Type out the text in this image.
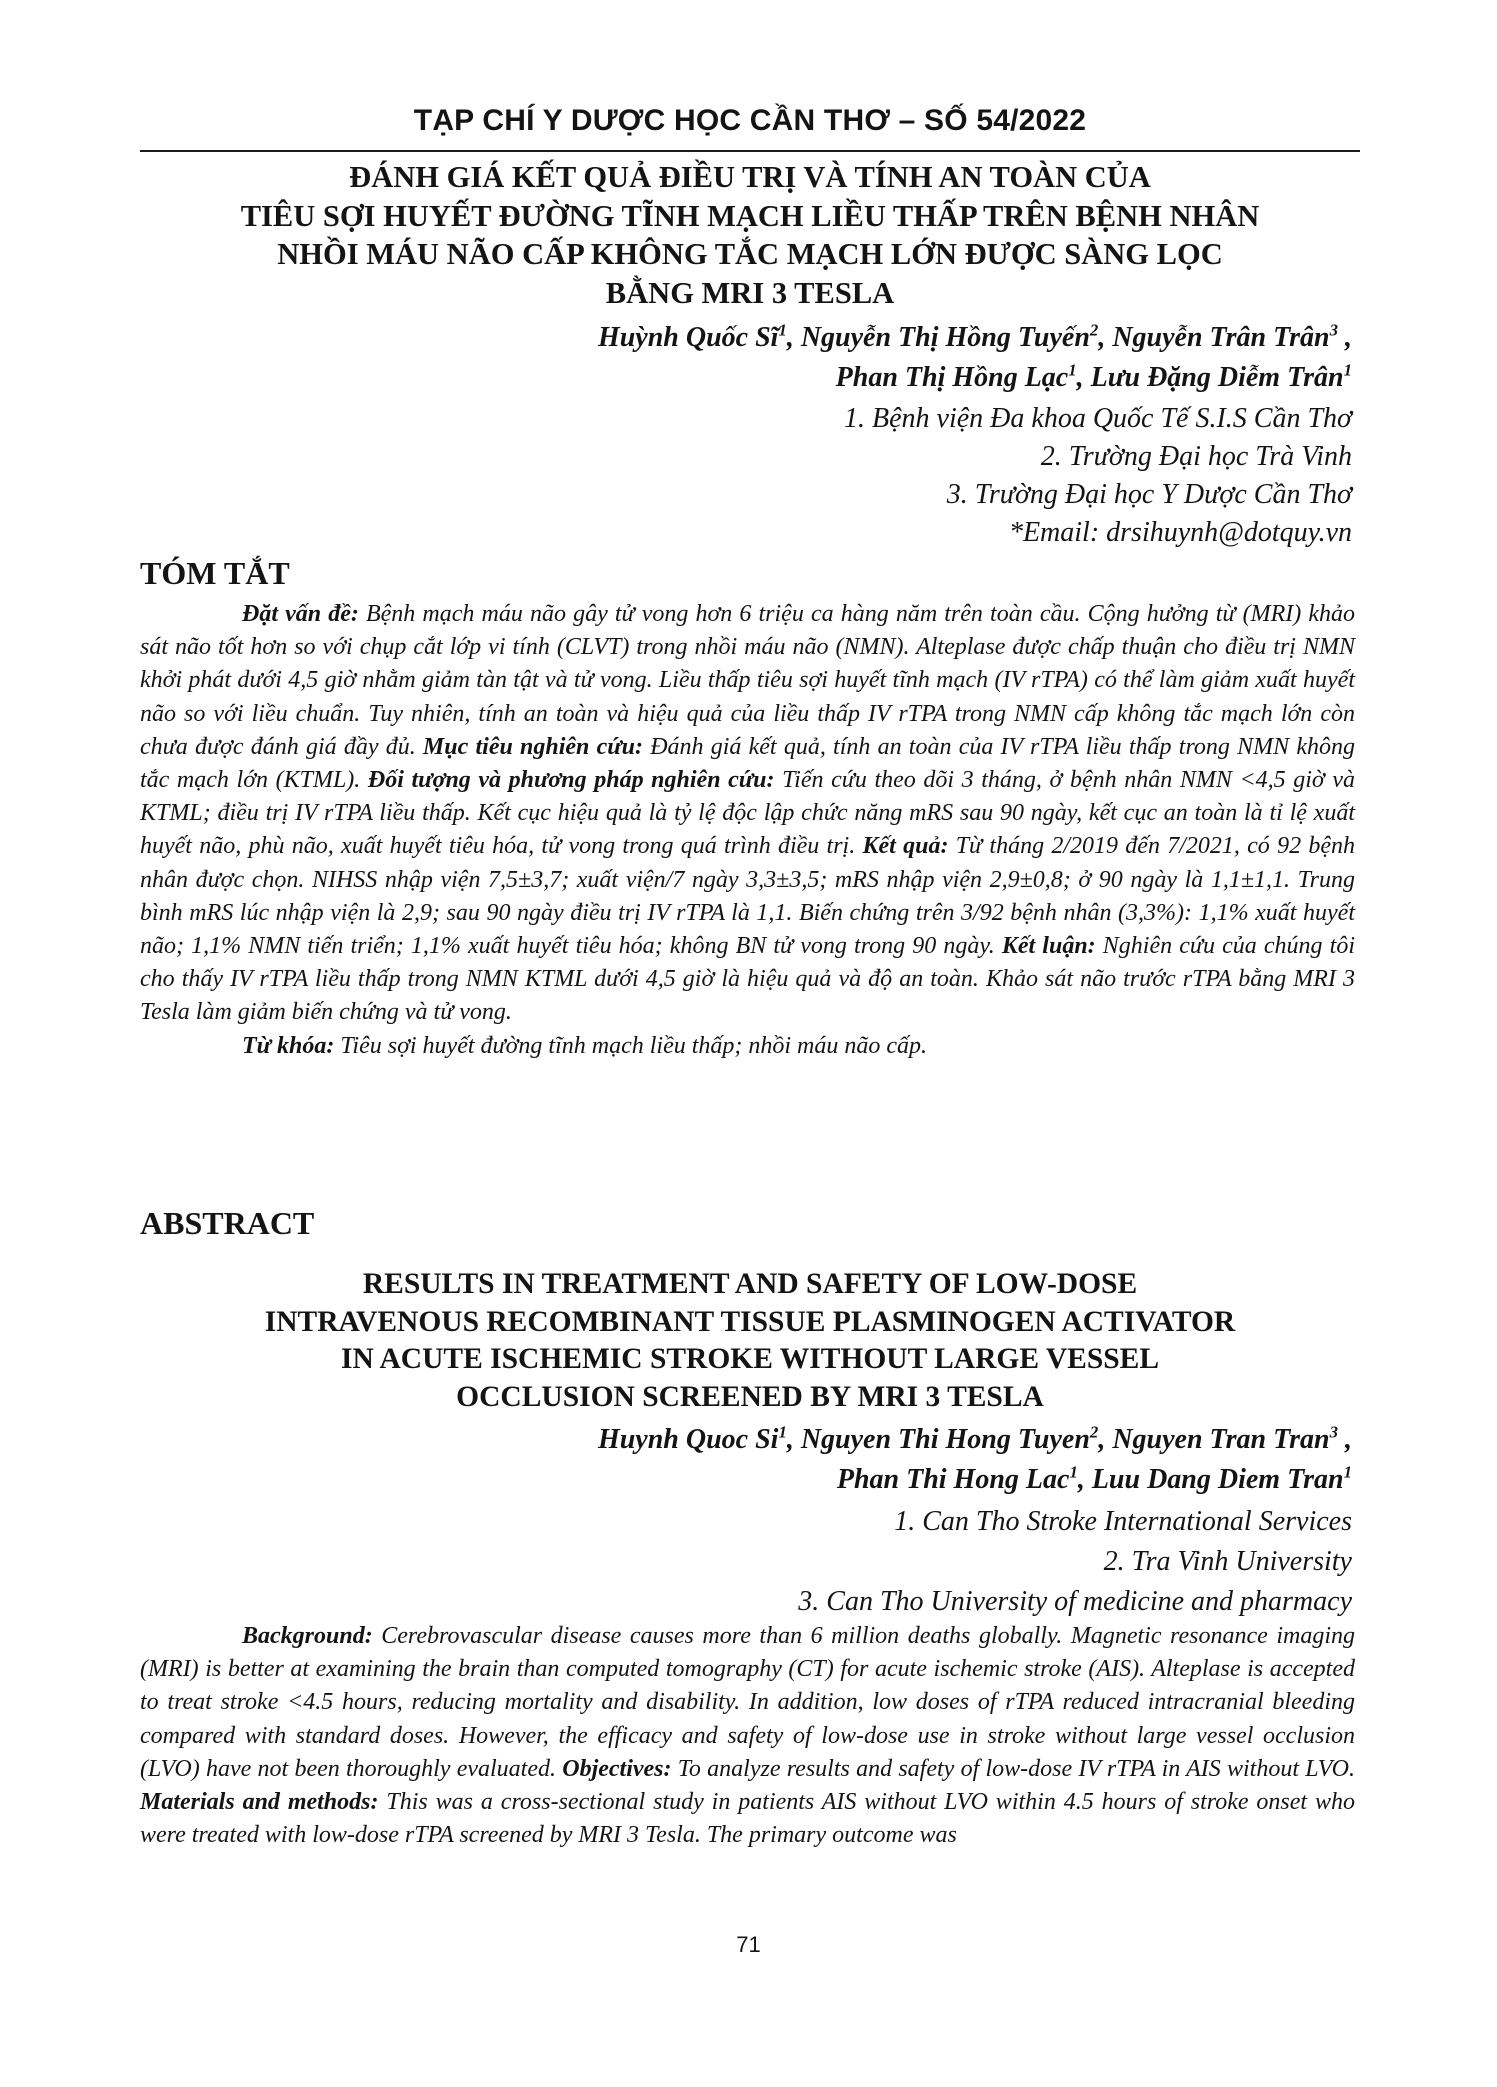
TẠP CHÍ Y DƯỢC HỌC CẦN THƠ – SỐ 54/2022
ĐÁNH GIÁ KẾT QUẢ ĐIỀU TRỊ VÀ TÍNH AN TOÀN CỦA
TIÊU SỢI HUYẾT ĐƯỜNG TĨNH MẠCH LIỀU THẤP TRÊN BỆNH NHÂN
NHỒI MÁU NÃO CẤP KHÔNG TẮC MẠCH LỚN ĐƯỢC SÀNG LỌC
BẰNG MRI 3 TESLA
Huỳnh Quốc $Sĩ^1$, Nguyễn Thị Hồng Tuyến$^2$, Nguyễn Trân Trân$^3$ ,
Phan Thị Hồng Lạc$^1$, Lưu Đặng Diễm Trân$^1$
1. Bệnh viện Đa khoa Quốc Tế S.I.S Cần Thơ
2. Trường Đại học Trà Vinh
3. Trường Đại học Y Dược Cần Thơ
*Email: drsihuynh@dotquy.vn
TÓM TẮT

Đặt vấn đề: Bệnh mạch máu não gây tử vong hơn 6 triệu ca hàng năm trên toàn cầu. Cộng hưởng từ (MRI) khảo sát não tốt hơn so với chụp cắt lớp vi tính (CLVT) trong nhồi máu não (NMN). Alteplase được chấp thuận cho điều trị NMN khởi phát dưới 4,5 giờ nhằm giảm tàn tật và tử vong. Liều thấp tiêu sợi huyết tĩnh mạch (IV rTPA) có thể làm giảm xuất huyết não so với liều chuẩn. Tuy nhiên, tính an toàn và hiệu quả của liều thấp IV rTPA trong NMN cấp không tắc mạch lớn còn chưa được đánh giá đầy đủ. Mục tiêu nghiên cứu: Đánh giá kết quả, tính an toàn của IV rTPA liều thấp trong NMN không tắc mạch lớn (KTML). Đối tượng và phương pháp nghiên cứu: Tiến cứu theo dõi 3 tháng, ở bệnh nhân NMN <4,5 giờ và KTML; điều trị IV rTPA liều thấp. Kết cục hiệu quả là tỷ lệ độc lập chức năng mRS sau 90 ngày, kết cục an toàn là tỉ lệ xuất huyết não, phù não, xuất huyết tiêu hóa, tử vong trong quá trình điều trị. Kết quả: Từ tháng 2/2019 đến 7/2021, có 92 bệnh nhân được chọn. NIHSS nhập viện 7,5±3,7; xuất viện/7 ngày 3,3±3,5; mRS nhập viện 2,9±0,8; ở 90 ngày là 1,1±1,1. Trung bình mRS lúc nhập viện là 2,9; sau 90 ngày điều trị IV rTPA là 1,1. Biến chứng trên 3/92 bệnh nhân (3,3%): 1,1% xuất huyết não; 1,1% NMN tiến triển; 1,1% xuất huyết tiêu hóa; không BN tử vong trong 90 ngày. Kết luận: Nghiên cứu của chúng tôi cho thấy IV rTPA liều thấp trong NMN KTML dưới 4,5 giờ là hiệu quả và độ an toàn. Khảo sát não trước rTPA bằng MRI 3 Tesla làm giảm biến chứng và tử vong.

Từ khóa: Tiêu sợi huyết đường tĩnh mạch liều thấp; nhồi máu não cấp.

ABSTRACT
RESULTS IN TREATMENT AND SAFETY OF LOW-DOSE
INTRAVENOUS RECOMBINANT TISSUE PLASMINOGEN ACTIVATOR
IN ACUTE ISCHEMIC STROKE WITHOUT LARGE VESSEL
OCCLUSION SCREENED BY MRI 3 TESLA
Huynh Quoc Si$^1$, Nguyen Thi Hong Tuyen$^2$, Nguyen Tran Tran$^3$ ,
Phan Thi Hong Lac$^1$, Luu Dang Diem Tran$^1$
1. Can Tho Stroke International Services
2. Tra Vinh University
3. Can Tho University of medicine and pharmacy

Background: Cerebrovascular disease causes more than 6 million deaths globally. Magnetic resonance imaging (MRI) is better at examining the brain than computed tomography (CT) for acute ischemic stroke (AIS). Alteplase is accepted to treat stroke <4.5 hours, reducing mortality and disability. In addition, low doses of rTPA reduced intracranial bleeding compared with standard doses. However, the efficacy and safety of low-dose use in stroke without large vessel occlusion (LVO) have not been thoroughly evaluated. Objectives: To analyze results and safety of low-dose IV rTPA in AIS without LVO. Materials and methods: This was a cross-sectional study in patients AIS without LVO within 4.5 hours of stroke onset who were treated with low-dose rTPA screened by MRI 3 Tesla. The primary outcome was

71
